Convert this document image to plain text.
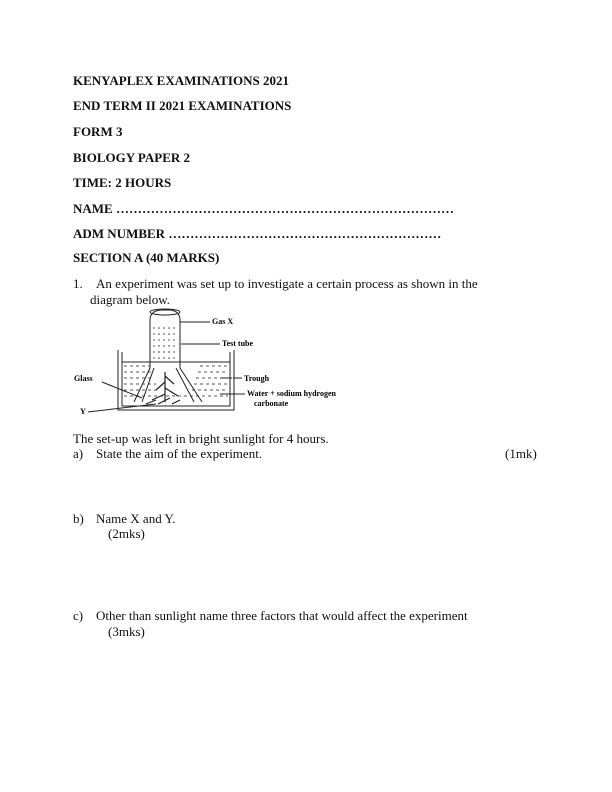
KENYAPLEX EXAMINATIONS 2021
END TERM II 2021 EXAMINATIONS
FORM 3
BIOLOGY PAPER 2
TIME: 2 HOURS
NAME ……………………………………………………………………
ADM NUMBER ………………………………………………………
SECTION A (40 MARKS)
1. An experiment was set up to investigate a certain process as shown in the
diagram below.
Gas X
Test tube
Trough
Water + sodium hydrogen
carbonate
Glass
Y
The set-up was left in bright sunlight for 4 hours.
a) State the aim of the experiment.	(1mk)
b) Name X and Y.
(2mks)
c) Other than sunlight name three factors that would affect the experiment
(3mks)
